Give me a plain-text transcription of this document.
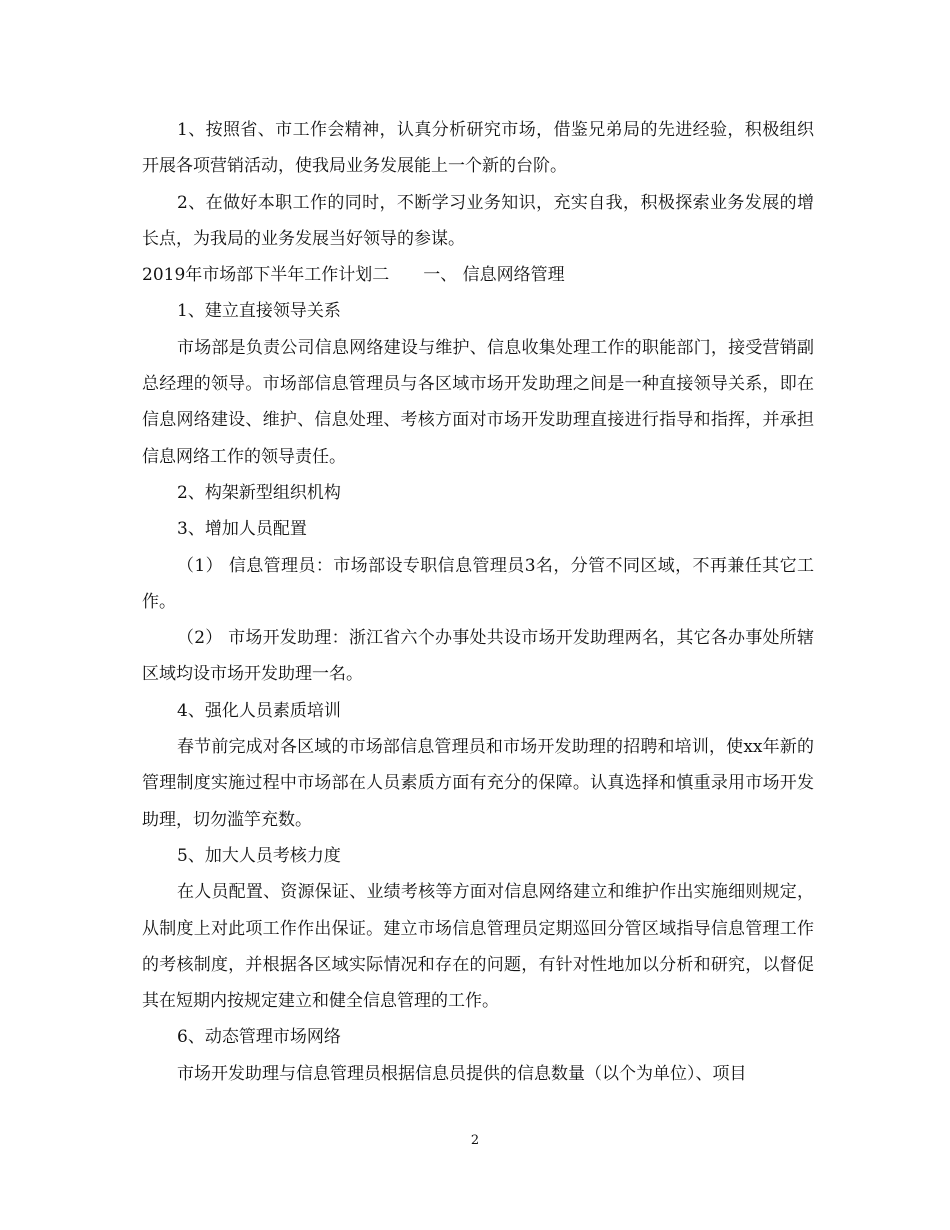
1、按照省、市工作会精神，认真分析研究市场，借鉴兄弟局的先进经验，积极组织开展各项营销活动，使我局业务发展能上一个新的台阶。

2、在做好本职工作的同时，不断学习业务知识，充实自我，积极探索业务发展的增长点，为我局的业务发展当好领导的参谋。

2019年市场部下半年工作计划二　　一、 信息网络管理

1、建立直接领导关系

市场部是负责公司信息网络建设与维护、信息收集处理工作的职能部门，接受营销副总经理的领导。市场部信息管理员与各区域市场开发助理之间是一种直接领导关系，即在信息网络建设、维护、信息处理、考核方面对市场开发助理直接进行指导和指挥，并承担信息网络工作的领导责任。

2、构架新型组织机构

3、增加人员配置

（1） 信息管理员：市场部设专职信息管理员3名，分管不同区域，不再兼任其它工作。

（2） 市场开发助理：浙江省六个办事处共设市场开发助理两名，其它各办事处所辖区域均设市场开发助理一名。

4、强化人员素质培训

春节前完成对各区域的市场部信息管理员和市场开发助理的招聘和培训，使xx年新的管理制度实施过程中市场部在人员素质方面有充分的保障。认真选择和慎重录用市场开发助理，切勿滥竽充数。

5、加大人员考核力度

在人员配置、资源保证、业绩考核等方面对信息网络建立和维护作出实施细则规定，从制度上对此项工作作出保证。建立市场信息管理员定期巡回分管区域指导信息管理工作的考核制度，并根据各区域实际情况和存在的问题，有针对性地加以分析和研究，以督促其在短期内按规定建立和健全信息管理的工作。

6、动态管理市场网络

市场开发助理与信息管理员根据信息员提供的信息数量（以个为单位）、项目

2
